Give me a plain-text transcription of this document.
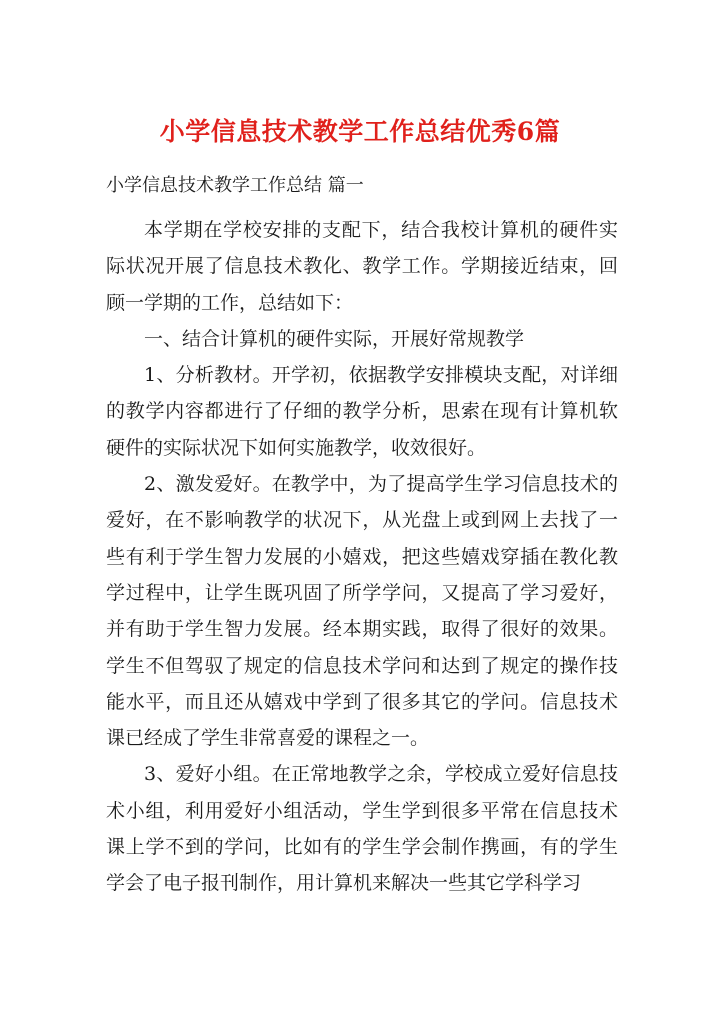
小学信息技术教学工作总结优秀6篇
小学信息技术教学工作总结 篇一

本学期在学校安排的支配下，结合我校计算机的硬件实际状况开展了信息技术教化、教学工作。学期接近结束，回顾一学期的工作，总结如下：

一、结合计算机的硬件实际，开展好常规教学

1、分析教材。开学初，依据教学安排模块支配，对详细的教学内容都进行了仔细的教学分析，思索在现有计算机软硬件的实际状况下如何实施教学，收效很好。

2、激发爱好。在教学中，为了提高学生学习信息技术的爱好，在不影响教学的状况下，从光盘上或到网上去找了一些有利于学生智力发展的小嬉戏，把这些嬉戏穿插在教化教学过程中，让学生既巩固了所学学问，又提高了学习爱好，并有助于学生智力发展。经本期实践，取得了很好的效果。学生不但驾驭了规定的信息技术学问和达到了规定的操作技能水平，而且还从嬉戏中学到了很多其它的学问。信息技术课已经成了学生非常喜爱的课程之一。

3、爱好小组。在正常地教学之余，学校成立爱好信息技术小组，利用爱好小组活动，学生学到很多平常在信息技术课上学不到的学问，比如有的学生学会制作携画，有的学生学会了电子报刊制作，用计算机来解决一些其它学科学习
